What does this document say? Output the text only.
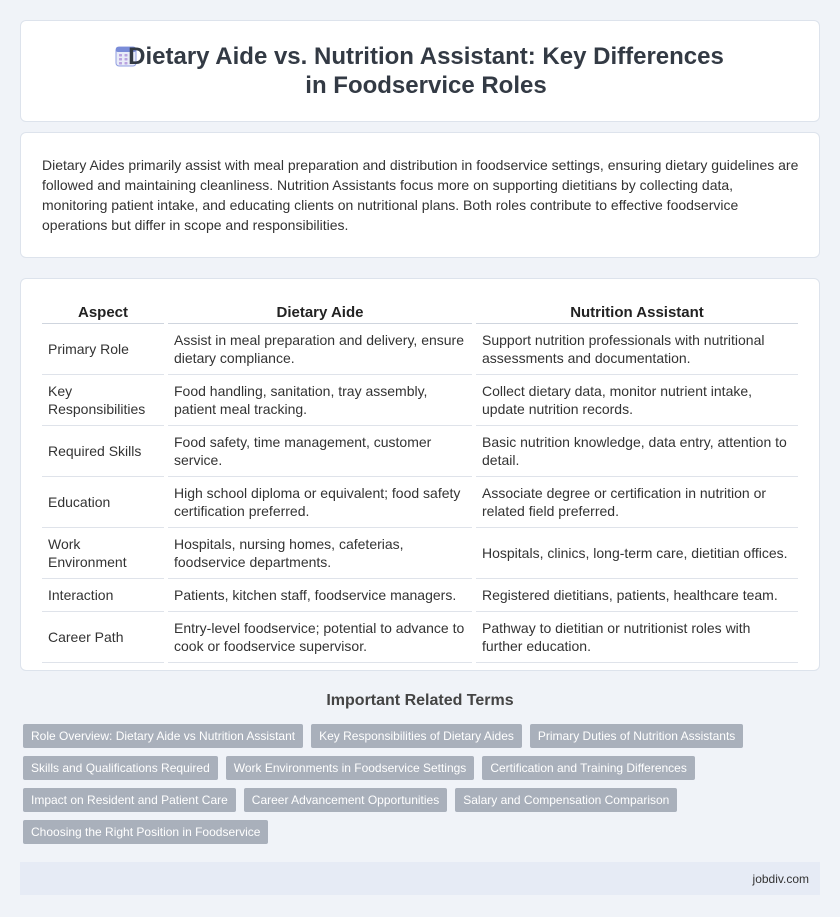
Dietary Aide vs. Nutrition Assistant: Key Differences in Foodservice Roles
Dietary Aides primarily assist with meal preparation and distribution in foodservice settings, ensuring dietary guidelines are followed and maintaining cleanliness. Nutrition Assistants focus more on supporting dietitians by collecting data, monitoring patient intake, and educating clients on nutritional plans. Both roles contribute to effective foodservice operations but differ in scope and responsibilities.
Aspect	Dietary Aide	Nutrition Assistant
Primary Role	Assist in meal preparation and delivery, ensure dietary compliance.	Support nutrition professionals with nutritional assessments and documentation.
Key Responsibilities	Food handling, sanitation, tray assembly, patient meal tracking.	Collect dietary data, monitor nutrient intake, update nutrition records.
Required Skills	Food safety, time management, customer service.	Basic nutrition knowledge, data entry, attention to detail.
Education	High school diploma or equivalent; food safety certification preferred.	Associate degree or certification in nutrition or related field preferred.
Work Environment	Hospitals, nursing homes, cafeterias, foodservice departments.	Hospitals, clinics, long-term care, dietitian offices.
Interaction	Patients, kitchen staff, foodservice managers.	Registered dietitians, patients, healthcare team.
Career Path	Entry-level foodservice; potential to advance to cook or foodservice supervisor.	Pathway to dietitian or nutritionist roles with further education.
Important Related Terms
Role Overview: Dietary Aide vs Nutrition Assistant	Key Responsibilities of Dietary Aides	Primary Duties of Nutrition Assistants
Skills and Qualifications Required	Work Environments in Foodservice Settings	Certification and Training Differences
Impact on Resident and Patient Care	Career Advancement Opportunities	Salary and Compensation Comparison
Choosing the Right Position in Foodservice
jobdiv.com
